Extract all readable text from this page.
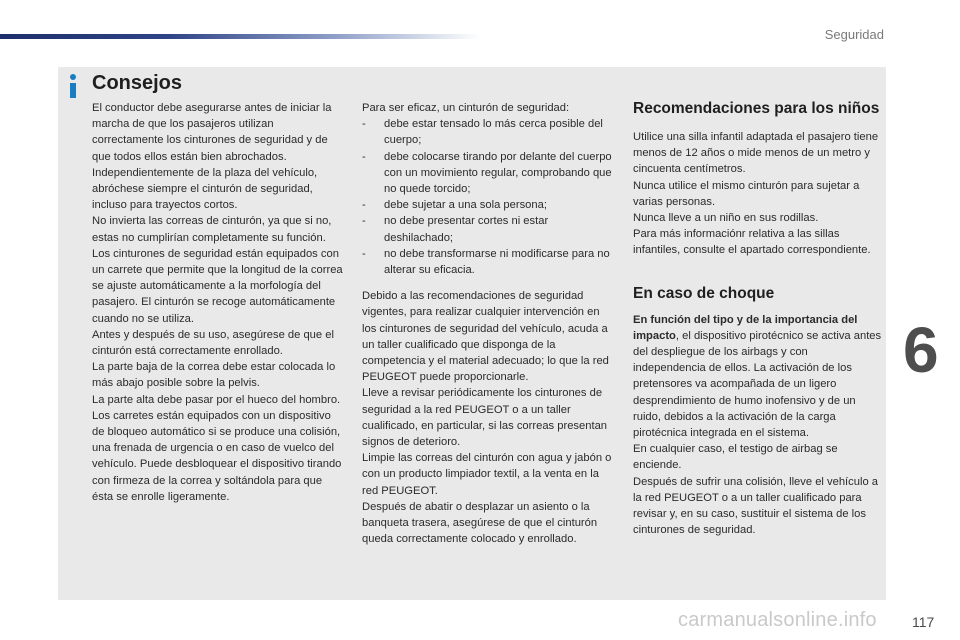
Seguridad
Consejos

El conductor debe asegurarse antes de iniciar la marcha de que los pasajeros utilizan correctamente los cinturones de seguridad y de que todos ellos están bien abrochados.

Independientemente de la plaza del vehículo, abróchese siempre el cinturón de seguridad, incluso para trayectos cortos.

No invierta las correas de cinturón, ya que si no, estas no cumplirían completamente su función.

Los cinturones de seguridad están equipados con un carrete que permite que la longitud de la correa se ajuste automáticamente a la morfología del pasajero. El cinturón se recoge automáticamente cuando no se utiliza.

Antes y después de su uso, asegúrese de que el cinturón está correctamente enrollado.

La parte baja de la correa debe estar colocada lo más abajo posible sobre la pelvis.

La parte alta debe pasar por el hueco del hombro.

Los carretes están equipados con un dispositivo de bloqueo automático si se produce una colisión, una frenada de urgencia o en caso de vuelco del vehículo. Puede desbloquear el dispositivo tirando con firmeza de la correa y soltándola para que ésta se enrolle ligeramente.

Para ser eficaz, un cinturón de seguridad:

-	debe estar tensado lo más cerca posible del cuerpo;
-	debe colocarse tirando por delante del cuerpo con un movimiento regular, comprobando que no quede torcido;
-	debe sujetar a una sola persona;
-	no debe presentar cortes ni estar deshilachado;
-	no debe transformarse ni modificarse para no alterar su eficacia.

Debido a las recomendaciones de seguridad vigentes, para realizar cualquier intervención en los cinturones de seguridad del vehículo, acuda a un taller cualificado que disponga de la competencia y el material adecuado; lo que la red PEUGEOT puede proporcionarle.

Lleve a revisar periódicamente los cinturones de seguridad a la red PEUGEOT o a un taller cualificado, en particular, si las correas presentan signos de deterioro.

Limpie las correas del cinturón con agua y jabón o con un producto limpiador textil, a la venta en la red PEUGEOT.

Después de abatir o desplazar un asiento o la banqueta trasera, asegúrese de que el cinturón queda correctamente colocado y enrollado.

Recomendaciones para los niños

Utilice una silla infantil adaptada el pasajero tiene menos de 12 años o mide menos de un metro y cincuenta centímetros.

Nunca utilice el mismo cinturón para sujetar a varias personas.

Nunca lleve a un niño en sus rodillas.

Para más informaciónr relativa a las sillas infantiles, consulte el apartado correspondiente.

En caso de choque

En función del tipo y de la importancia del impacto, el dispositivo pirotécnico se activa antes del despliegue de los airbags y con independencia de ellos. La activación de los pretensores va acompañada de un ligero desprendimiento de humo inofensivo y de un ruido, debidos a la activación de la carga pirotécnica integrada en el sistema.

En cualquier caso, el testigo de airbag se enciende.

Después de sufrir una colisión, lleve el vehículo a la red PEUGEOT o a un taller cualificado para revisar y, en su caso, sustituir el sistema de los cinturones de seguridad.

6
carmanualsonline.info	117
